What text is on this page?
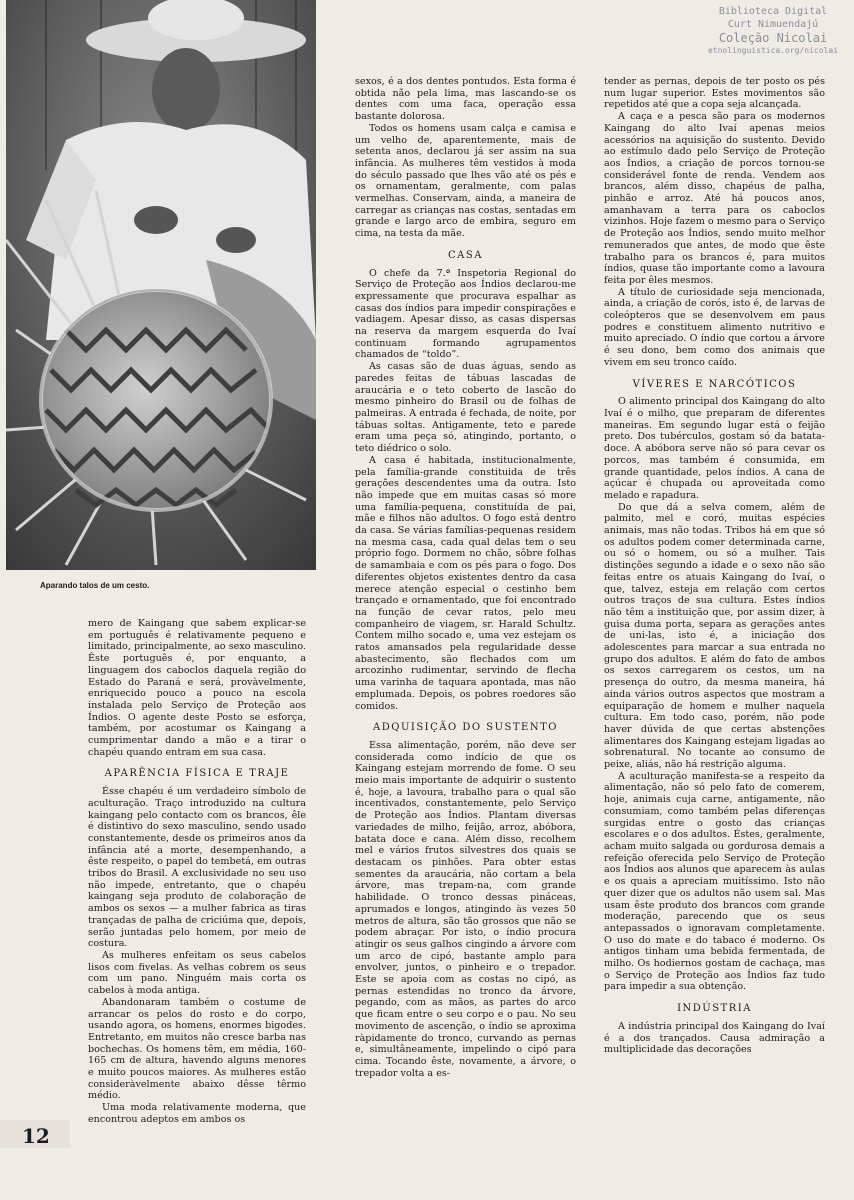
Biblioteca Digital
Curt Nimuendajú
Coleção Nicolai
etnolinguistica.org/nicolai
Aparando talos de um cesto.

mero de Kaingang que sabem explicar-se em português é relativamente pequeno e limitado, principalmente, ao sexo masculino. Êste português é, por enquanto, a linguagem dos caboclos daquela região do Estado do Paraná e será, provàvelmente, enriquecido pouco a pouco na escola instalada pelo Serviço de Proteção aos Índios. O agente deste Posto se esforça, também, por acostumar os Kaingang a cumprimentar dando a mão e a tirar o chapéu quando entram em sua casa.

APARÊNCIA FÍSICA E TRAJE

Ésse chapéu é um verdadeiro símbolo de aculturação. Traço introduzido na cultura kaingang pelo contacto com os brancos, êle é distintivo do sexo masculino, sendo usado constantemente, desde os primeiros anos da infância até a morte, desempenhando, a êste respeito, o papel do tembetá, em outras tribos do Brasil. A exclusividade no seu uso não impede, entretanto, que o chapéu kaingang seja produto de colaboração de ambos os sexos — a mulher fabrica as tiras trançadas de palha de criciúma que, depois, serão juntadas pelo homem, por meio de costura.

As mulheres enfeitam os seus cabelos lisos com fivelas. As velhas cobrem os seus com um pano. Ninguém mais corta os cabelos à moda antiga.

Abandonaram também o costume de arrancar os pelos do rosto e do corpo, usando agora, os homens, enormes bigodes. Entretanto, em muitos não cresce barba nas bochechas. Os homens têm, em média, 160-165 cm de altura, havendo alguns menores e muito poucos maiores. As mulheres estão consideràvelmente abaixo dêsse têrmo médio.

Uma moda relativamente moderna, que encontrou adeptos em ambos os

sexos, é a dos dentes pontudos. Esta forma é obtida não pela lima, mas lascando-se os dentes com uma faca, operação essa bastante dolorosa.

Todos os homens usam calça e camisa e um velho de, aparentemente, mais de setenta anos, declarou já ser assim na sua infância. As mulheres têm vestidos à moda do século passado que lhes vão até os pés e os ornamentam, geralmente, com palas vermelhas. Conservam, ainda, a maneira de carregar as crianças nas costas, sentadas em grande e largo arco de embira, seguro em cima, na testa da mãe.

CASA

O chefe da 7.ª Inspetoria Regional do Serviço de Proteção aos Índios declarou-me expressamente que procurava espalhar as casas dos índios para impedir conspirações e vadiagem. Apesar disso, as casas dispersas na reserva da margem esquerda do Ivaí continuam formando agrupamentos chamados de “toldo”.

As casas são de duas águas, sendo as paredes feitas de tábuas lascadas de araucária e o teto coberto de lascão do mesmo pinheiro do Brasil ou de folhas de palmeiras. A entrada é fechada, de noite, por tábuas soltas. Antigamente, teto e parede eram uma peça só, atingindo, portanto, o teto diédrico o solo.

A casa é habitada, institucionalmente, pela família-grande constituida de três gerações descendentes uma da outra. Isto não impede que em muitas casas só more uma família-pequena, constituída de pai, mãe e filhos não adultos. O fogo está dentro da casa. Se várias famílias-pequenas residem na mesma casa, cada qual delas tem o seu próprio fogo. Dormem no chão, sôbre folhas de samambaia e com os pés para o fogo. Dos diferentes objetos existentes dentro da casa merece atenção especial o cestinho bem trançado e ornamentado, que foi encontrado na função de cevar ratos, pelo meu companheiro de viagem, sr. Harald Schultz. Contem milho socado e, uma vez estejam os ratos amansados pela regularidade desse abastecimento, são flechados com um arcozinho rudimentar, servindo de flecha uma varinha de taquara apontada, mas não emplumada. Depois, os pobres roedores são comidos.

ADQUISIÇÃO DO SUSTENTO

Essa alimentação, porém, não deve ser considerada como indício de que os Kaingang estejam morrendo de fome. O seu meio mais importante de adquirir o sustento é, hoje, a lavoura, trabalho para o qual são incentivados, constantemente, pelo Serviço de Proteção aos Índios. Plantam diversas variedades de milho, feijão, arroz, abóbora, batata doce e cana. Além disso, recolhem mel e vários frutos silvestres dos quais se destacam os pinhões. Para obter estas sementes da araucária, não cortam a bela árvore, mas trepam-na, com grande habilidade. O tronco dessas pináceas, aprumados e longos, atingindo às vezes 50 metros de altura, são tão grossos que não se podem abraçar. Por isto, o índio procura atingir os seus galhos cingindo a árvore com um arco de cipó, bastante amplo para envolver, juntos, o pinheiro e o trepador. Este se apoia com as costas no cipó, as pernas estendidas no tronco da árvore, pegando, com as mãos, as partes do arco que ficam entre o seu corpo e o pau. No seu movimento de ascenção, o índio se aproxima ràpidamente do tronco, curvando as pernas e, simultâneamente, impelindo o cipó para cima. Tocando êste, novamente, a árvore, o trepador volta a es-

tender as pernas, depois de ter posto os pés num lugar superior. Estes movimentos são repetidos até que a copa seja alcançada.

A caça e a pesca são para os modernos Kaingang do alto Ivaí apenas meios acessórios na aquisição do sustento. Devido ao estímulo dado pelo Serviço de Proteção aos Índios, a criação de porcos tornou-se considerável fonte de renda. Vendem aos brancos, além disso, chapéus de palha, pinhão e arroz. Até há poucos anos, amanhavam a terra para os caboclos vizinhos. Hoje fazem o mesmo para o Serviço de Proteção aos Índios, sendo muito melhor remunerados que antes, de modo que êste trabalho para os brancos é, para muitos índios, quase tão importante como a lavoura feita por êles mesmos.

A título de curiosidade seja mencionada, ainda, a criação de corós, isto é, de larvas de coleópteros que se desenvolvem em paus podres e constituem alimento nutritivo e muito apreciado. O índio que cortou a árvore é seu dono, bem como dos animais que vivem em seu tronco caído.

VÍVERES E NARCÓTICOS

O alimento principal dos Kaingang do alto Ivaí é o milho, que preparam de diferentes maneiras. Em segundo lugar está o feijão preto. Dos tubérculos, gostam só da batata-doce. A abóbora serve não só para cevar os porcos, mas também é consumida, em grande quantidade, pelos índios. A cana de açúcar é chupada ou aproveitada como melado e rapadura.

Do que dá a selva comem, além de palmito, mel e coró, muitas espécies animais, mas não todas. Tribos há em que só os adultos podem comer determinada carne, ou só o homem, ou só a mulher. Tais distinções segundo a idade e o sexo não são feitas entre os atuais Kaingang do Ivaí, o que, talvez, esteja em relação com certos outros traços de sua cultura. Estes índios não têm a instituição que, por assim dizer, à guisa duma porta, separa as gerações antes de uni-las, isto é, a iniciação dos adolescentes para marcar a sua entrada no grupo dos adultos. E além do fato de ambos os sexos carregarem os cestos, um na presença do outro, da mesma maneira, há ainda vários outros aspectos que mostram a equiparação de homem e mulher naquela cultura. Em todo caso, porém, não pode haver dúvida de que certas abstenções alimentares dos Kaingang estejam ligadas ao sobrenatural. No tocante ao consumo de peixe, aliás, não há restrição alguma.

A aculturação manifesta-se a respeito da alimentação, não só pelo fato de comerem, hoje, animais cuja carne, antigamente, não consumiam, como também pelas diferenças surgidas entre o gosto das crianças escolares e o dos adultos. Éstes, geralmente, acham muito salgada ou gordurosa demais a refeição oferecida pelo Serviço de Proteção aos Índios aos alunos que aparecem às aulas e os quais a apreciam muitíssimo. Isto não quer dizer que os adultos não usem sal. Mas usam êste produto dos brancos com grande moderação, parecendo que os seus antepassados o ignoravam completamente. O uso do mate e do tabaco é moderno. Os antigos tinham uma bebida fermentada, de milho. Os hodiernos gostam de cachaça, mas o Serviço de Proteção aos Índios faz tudo para impedir a sua obtenção.

INDÚSTRIA

A indústria principal dos Kaingang do Ivaí é a dos trançados. Causa admiração a multiplicidade das decorações

12
